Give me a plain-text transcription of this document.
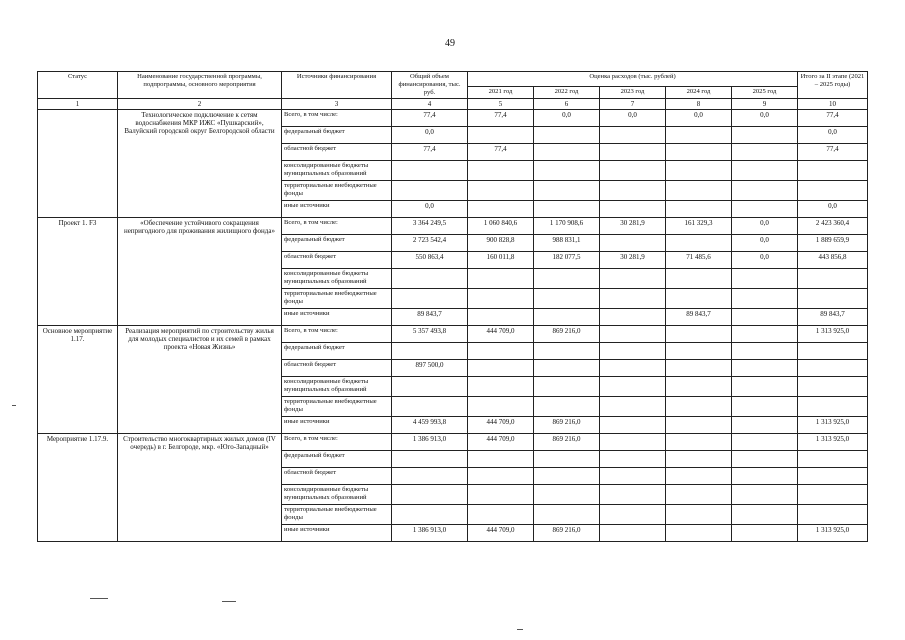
49
Статус	Наименование государственной программы, подпрограммы, основного мероприятия	Источники финансирования	Общий объем финансирования, тыс. руб.	Оценка расходов (тыс. рублей)					Итого за II этапе (2021 – 2025 годы)
				2021 год	2022 год	2023 год	2024 год	2025 год	
1	2	3	4	5	6	7	8	9	10
	Технологическое подключение к сетям водоснабжения МКР ИЖС «Пушкарский», Валуйский городской округ Белгородской области	Всего, в том числе:	77,4	77,4	0,0	0,0	0,0	0,0	77,4
		федеральный бюджет	0,0						0,0
		областной бюджет	77,4	77,4					77,4
		консолидированные бюджеты муниципальных образований							
		территориальные внебюджетные фонды							
		иные источники	0,0						0,0
Проект 1. F3	«Обеспечение устойчивого сокращения непригодного для проживания жилищного фонда»	Всего, в том числе:	3 364 249,5	1 060 840,6	1 170 908,6	30 281,9	161 329,3	0,0	2 423 360,4
		федеральный бюджет	2 723 542,4	900 828,8	988 831,1			0,0	1 889 659,9
		областной бюджет	550 863,4	160 011,8	182 077,5	30 281,9	71 485,6	0,0	443 856,8
		консолидированные бюджеты муниципальных образований							
		территориальные внебюджетные фонды							
		иные источники	89 843,7				89 843,7		89 843,7
Основное мероприятие 1.17.	Реализация мероприятий по строительству жилья для молодых специалистов и их семей в рамках проекта «Новая Жизнь»	Всего, в том числе:	5 357 493,8	444 709,0	869 216,0				1 313 925,0
		федеральный бюджет							
		областной бюджет	897 500,0						
		консолидированные бюджеты муниципальных образований							
		территориальные внебюджетные фонды							
		иные источники	4 459 993,8	444 709,0	869 216,0				1 313 925,0
Мероприятие 1.17.9.	Строительство многоквартирных жилых домов (IV очередь) в г. Белгороде, мкр. «Юго-Западный»	Всего, в том числе:	1 386 913,0	444 709,0	869 216,0				1 313 925,0
		федеральный бюджет							
		областной бюджет							
		консолидированные бюджеты муниципальных образований							
		территориальные внебюджетные фонды							
		иные источники	1 386 913,0	444 709,0	869 216,0				1 313 925,0
